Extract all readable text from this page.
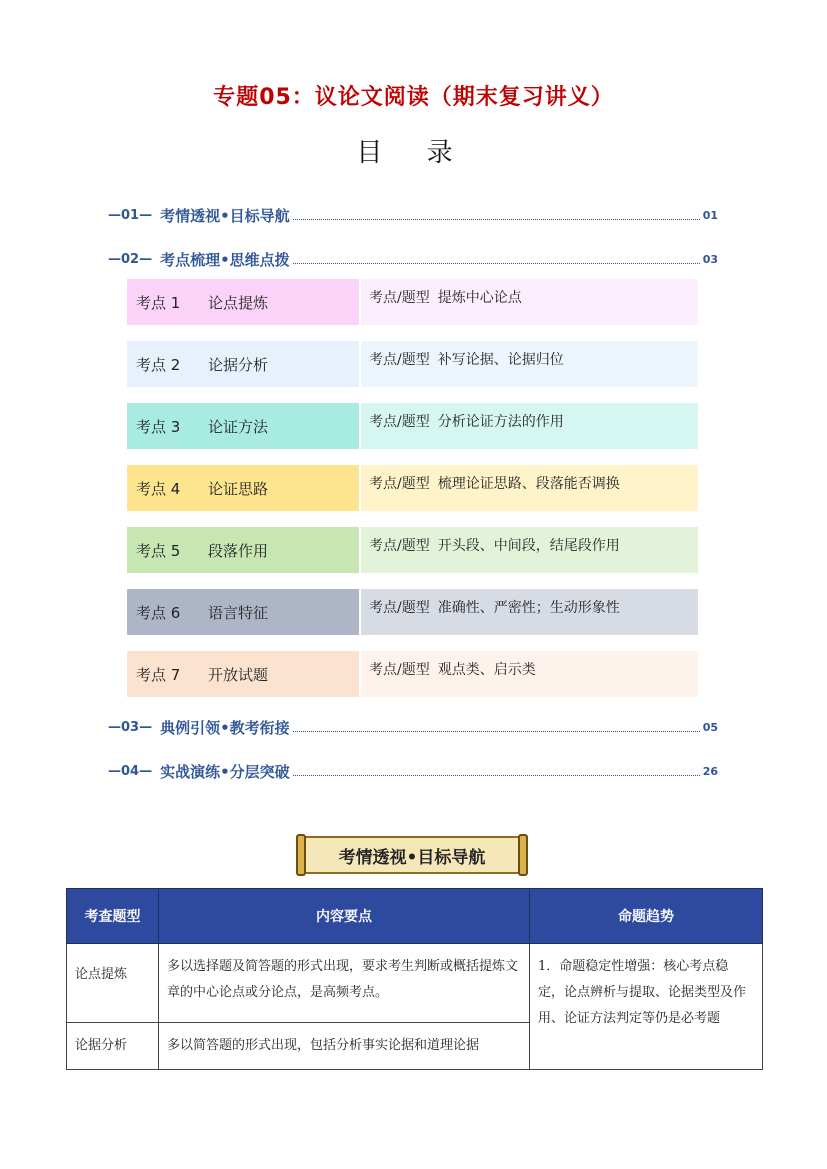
专题05：议论文阅读（期末复习讲义）
目 录
—01— 考情透视•目标导航	01
—02— 考点梳理•思维点拨	03
考点 1	论点提炼	考点/题型 提炼中心论点
考点 2	论据分析	考点/题型 补写论据、论据归位
考点 3	论证方法	考点/题型 分析论证方法的作用
考点 4	论证思路	考点/题型 梳理论证思路、段落能否调换
考点 5	段落作用	考点/题型 开头段、中间段，结尾段作用
考点 6	语言特征	考点/题型 准确性、严密性；生动形象性
考点 7	开放试题	考点/题型 观点类、启示类
—03— 典例引领•教考衔接	05
—04— 实战演练•分层突破	26
考情透视•目标导航
考查题型	内容要点	命题趋势
论点提炼	多以选择题及简答题的形式出现，要求考生判断或概括提炼文章的中心论点或分论点，是高频考点。	1．命题稳定性增强：核心考点稳定，论点辨析与提取、论据类型及作用、论证方法判定等仍是必考题
论据分析	多以简答题的形式出现，包括分析事实论据和道理论据	
